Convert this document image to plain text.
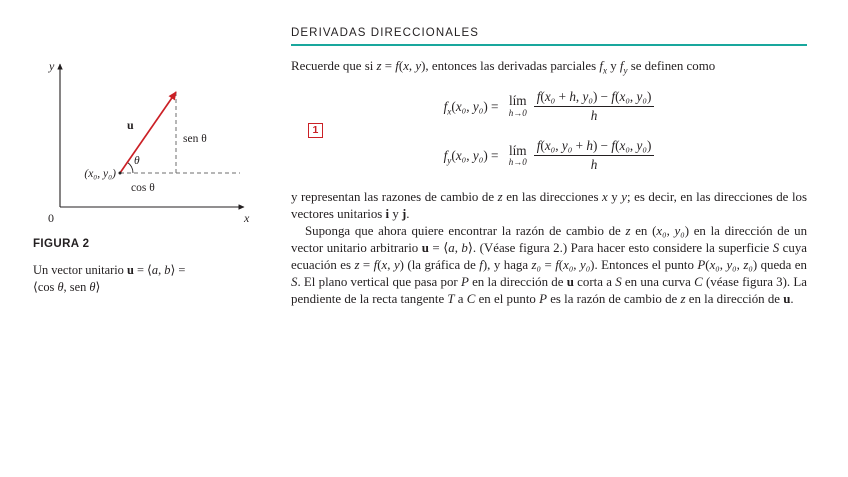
y
x
0
u
θ
sen θ
cos θ
(x₀, y₀)
FIGURA 2
Un vector unitario u = ⟨a, b⟩ =
⟨cos θ, sen θ⟩
DERIVADAS DIRECCIONALES

Recuerde que si z = f(x, y), entonces las derivadas parciales $f_x$ y $f_y$ se definen como

1
$f_x(x_0$, y₀) = lím
$h\to 0 \frac{\text{f(x₀ + h, y₀) − f(x₀, y₀)}}{h}$
$f_y(x_0$, y₀) = lím
$h\to 0 \frac{\text{f(x₀, y₀ + h) − f(x₀, y₀)}}{h}$

y representan las razones de cambio de z en las direcciones x y y; es decir, en las direcciones de los vectores unitarios i y j.

Suponga que ahora quiere encontrar la razón de cambio de z en (x₀, y₀) en la dirección de un vector unitario arbitrario u = ⟨a, b⟩. (Véase figura 2.) Para hacer esto considere la superficie S cuya ecuación es z = f(x, y) (la gráfica de f), y haga z₀ = f(x₀, y₀). Entonces el punto P(x₀, y₀, z₀) queda en S. El plano vertical que pasa por P en la dirección de u corta a S en una curva C (véase figura 3). La pendiente de la recta tangente T a C en el punto P es la razón de cambio de z en la dirección de u.
